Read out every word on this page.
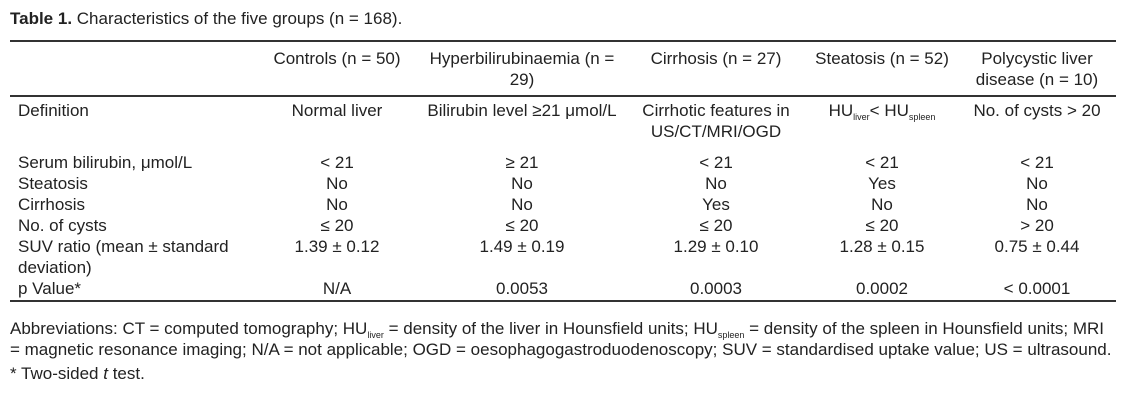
Table 1. Characteristics of the five groups (n = 168).
	Controls (n = 50)	Hyperbilirubinaemia (n = 29)	Cirrhosis (n = 27)	Steatosis (n = 52)	Polycystic liver disease (n = 10)
Definition	Normal liver	Bilirubin level ≥21 μmol/L	Cirrhotic features in US/CT/MRI/OGD	$HU_{liver}< HU_{spleen}$	No. of cysts > 20
Serum bilirubin, μmol/L	< 21	≥ 21	< 21	< 21	< 21
Steatosis	No	No	No	Yes	No
Cirrhosis	No	No	Yes	No	No
No. of cysts	≤ 20	≤ 20	≤ 20	≤ 20	> 20
SUV ratio (mean ± standard deviation)	1.39 ± 0.12	1.49 ± 0.19	1.29 ± 0.10	1.28 ± 0.15	0.75 ± 0.44
p Value*	N/A	0.0053	0.0003	0.0002	< 0.0001

Abbreviations: CT = computed tomography; $HU_{liver}$ = density of the liver in Hounsfield units; $HU_{spleen}$ = density of the spleen in Hounsfield units; MRI = magnetic resonance imaging; N/A = not applicable; OGD = oesophagogastroduodenoscopy; SUV = standardised uptake value; US = ultrasound.

* Two-sided t test.
